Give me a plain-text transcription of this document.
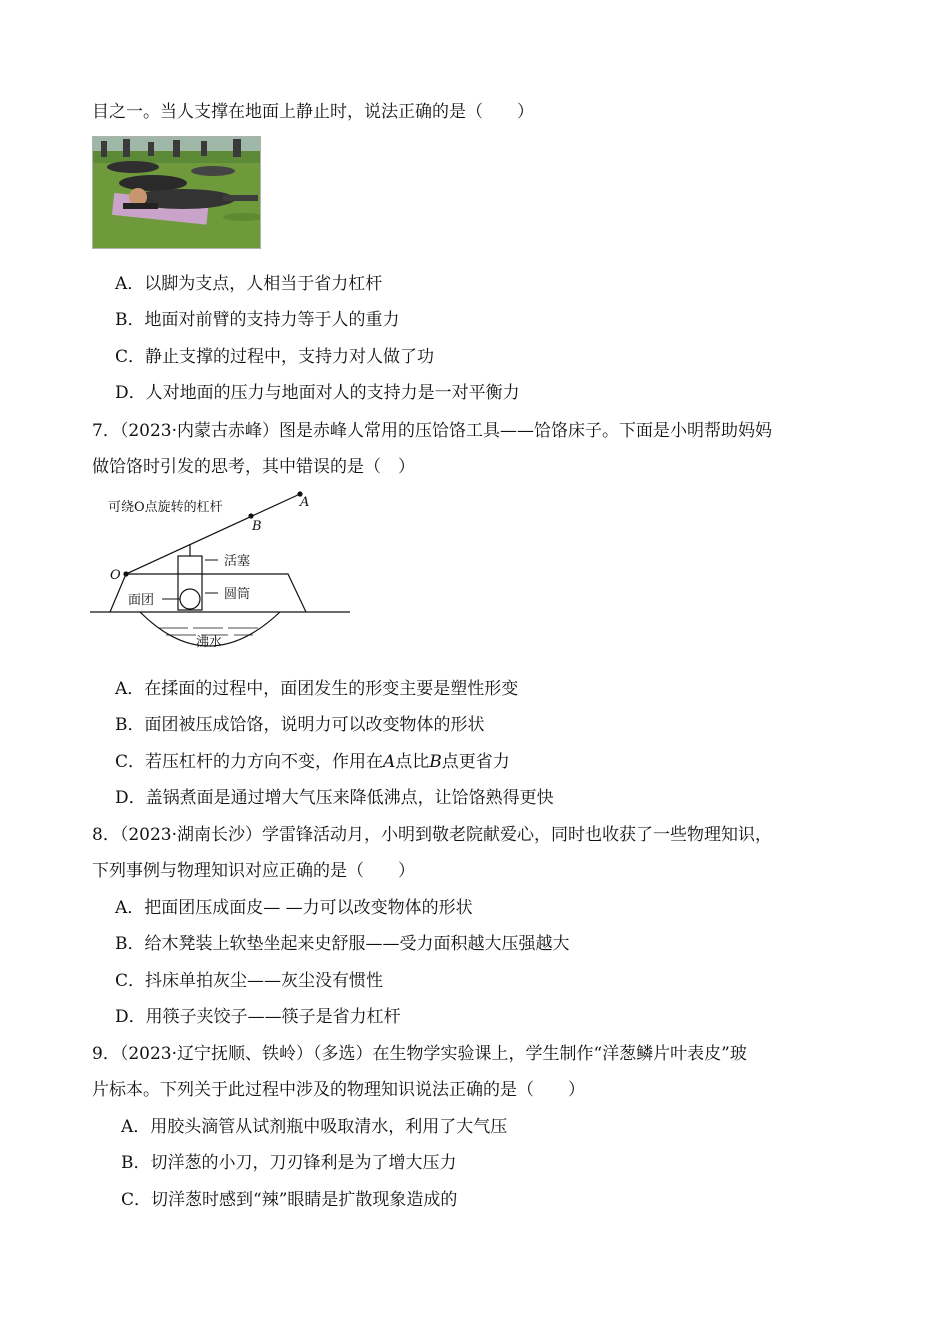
目之一。当人支撑在地面上静止时，说法正确的是（　　）
A．以脚为支点，人相当于省力杠杆
B．地面对前臂的支持力等于人的重力
C．静止支撑的过程中，支持力对人做了功
D．人对地面的压力与地面对人的支持力是一对平衡力
7．（2023·内蒙古赤峰）图是赤峰人常用的压饸饹工具——饸饹床子。下面是小明帮助妈妈
做饸饹时引发的思考，其中错误的是（　）
可绕O点旋转的杠杆	A
B
O
活塞
圆筒
面团
沸水
A．在揉面的过程中，面团发生的形变主要是塑性形变
B．面团被压成饸饹，说明力可以改变物体的形状
C．若压杠杆的力方向不变，作用在A点比B点更省力
D．盖锅煮面是通过增大气压来降低沸点，让饸饹熟得更快
8．（2023·湖南长沙）学雷锋活动月，小明到敬老院献爱心，同时也收获了一些物理知识，
下列事例与物理知识对应正确的是（　　）
A．把面团压成面皮— —力可以改变物体的形状
B．给木凳装上软垫坐起来史舒服——受力面积越大压强越大
C．抖床单拍灰尘——灰尘没有惯性
D．用筷子夹饺子——筷子是省力杠杆
9．（2023·辽宁抚顺、铁岭）（多选）在生物学实验课上，学生制作“洋葱鳞片叶表皮”玻
片标本。下列关于此过程中涉及的物理知识说法正确的是（　　）
A．用胶头滴管从试剂瓶中吸取清水，利用了大气压
B．切洋葱的小刀，刀刃锋利是为了增大压力
C．切洋葱时感到“辣”眼睛是扩散现象造成的
